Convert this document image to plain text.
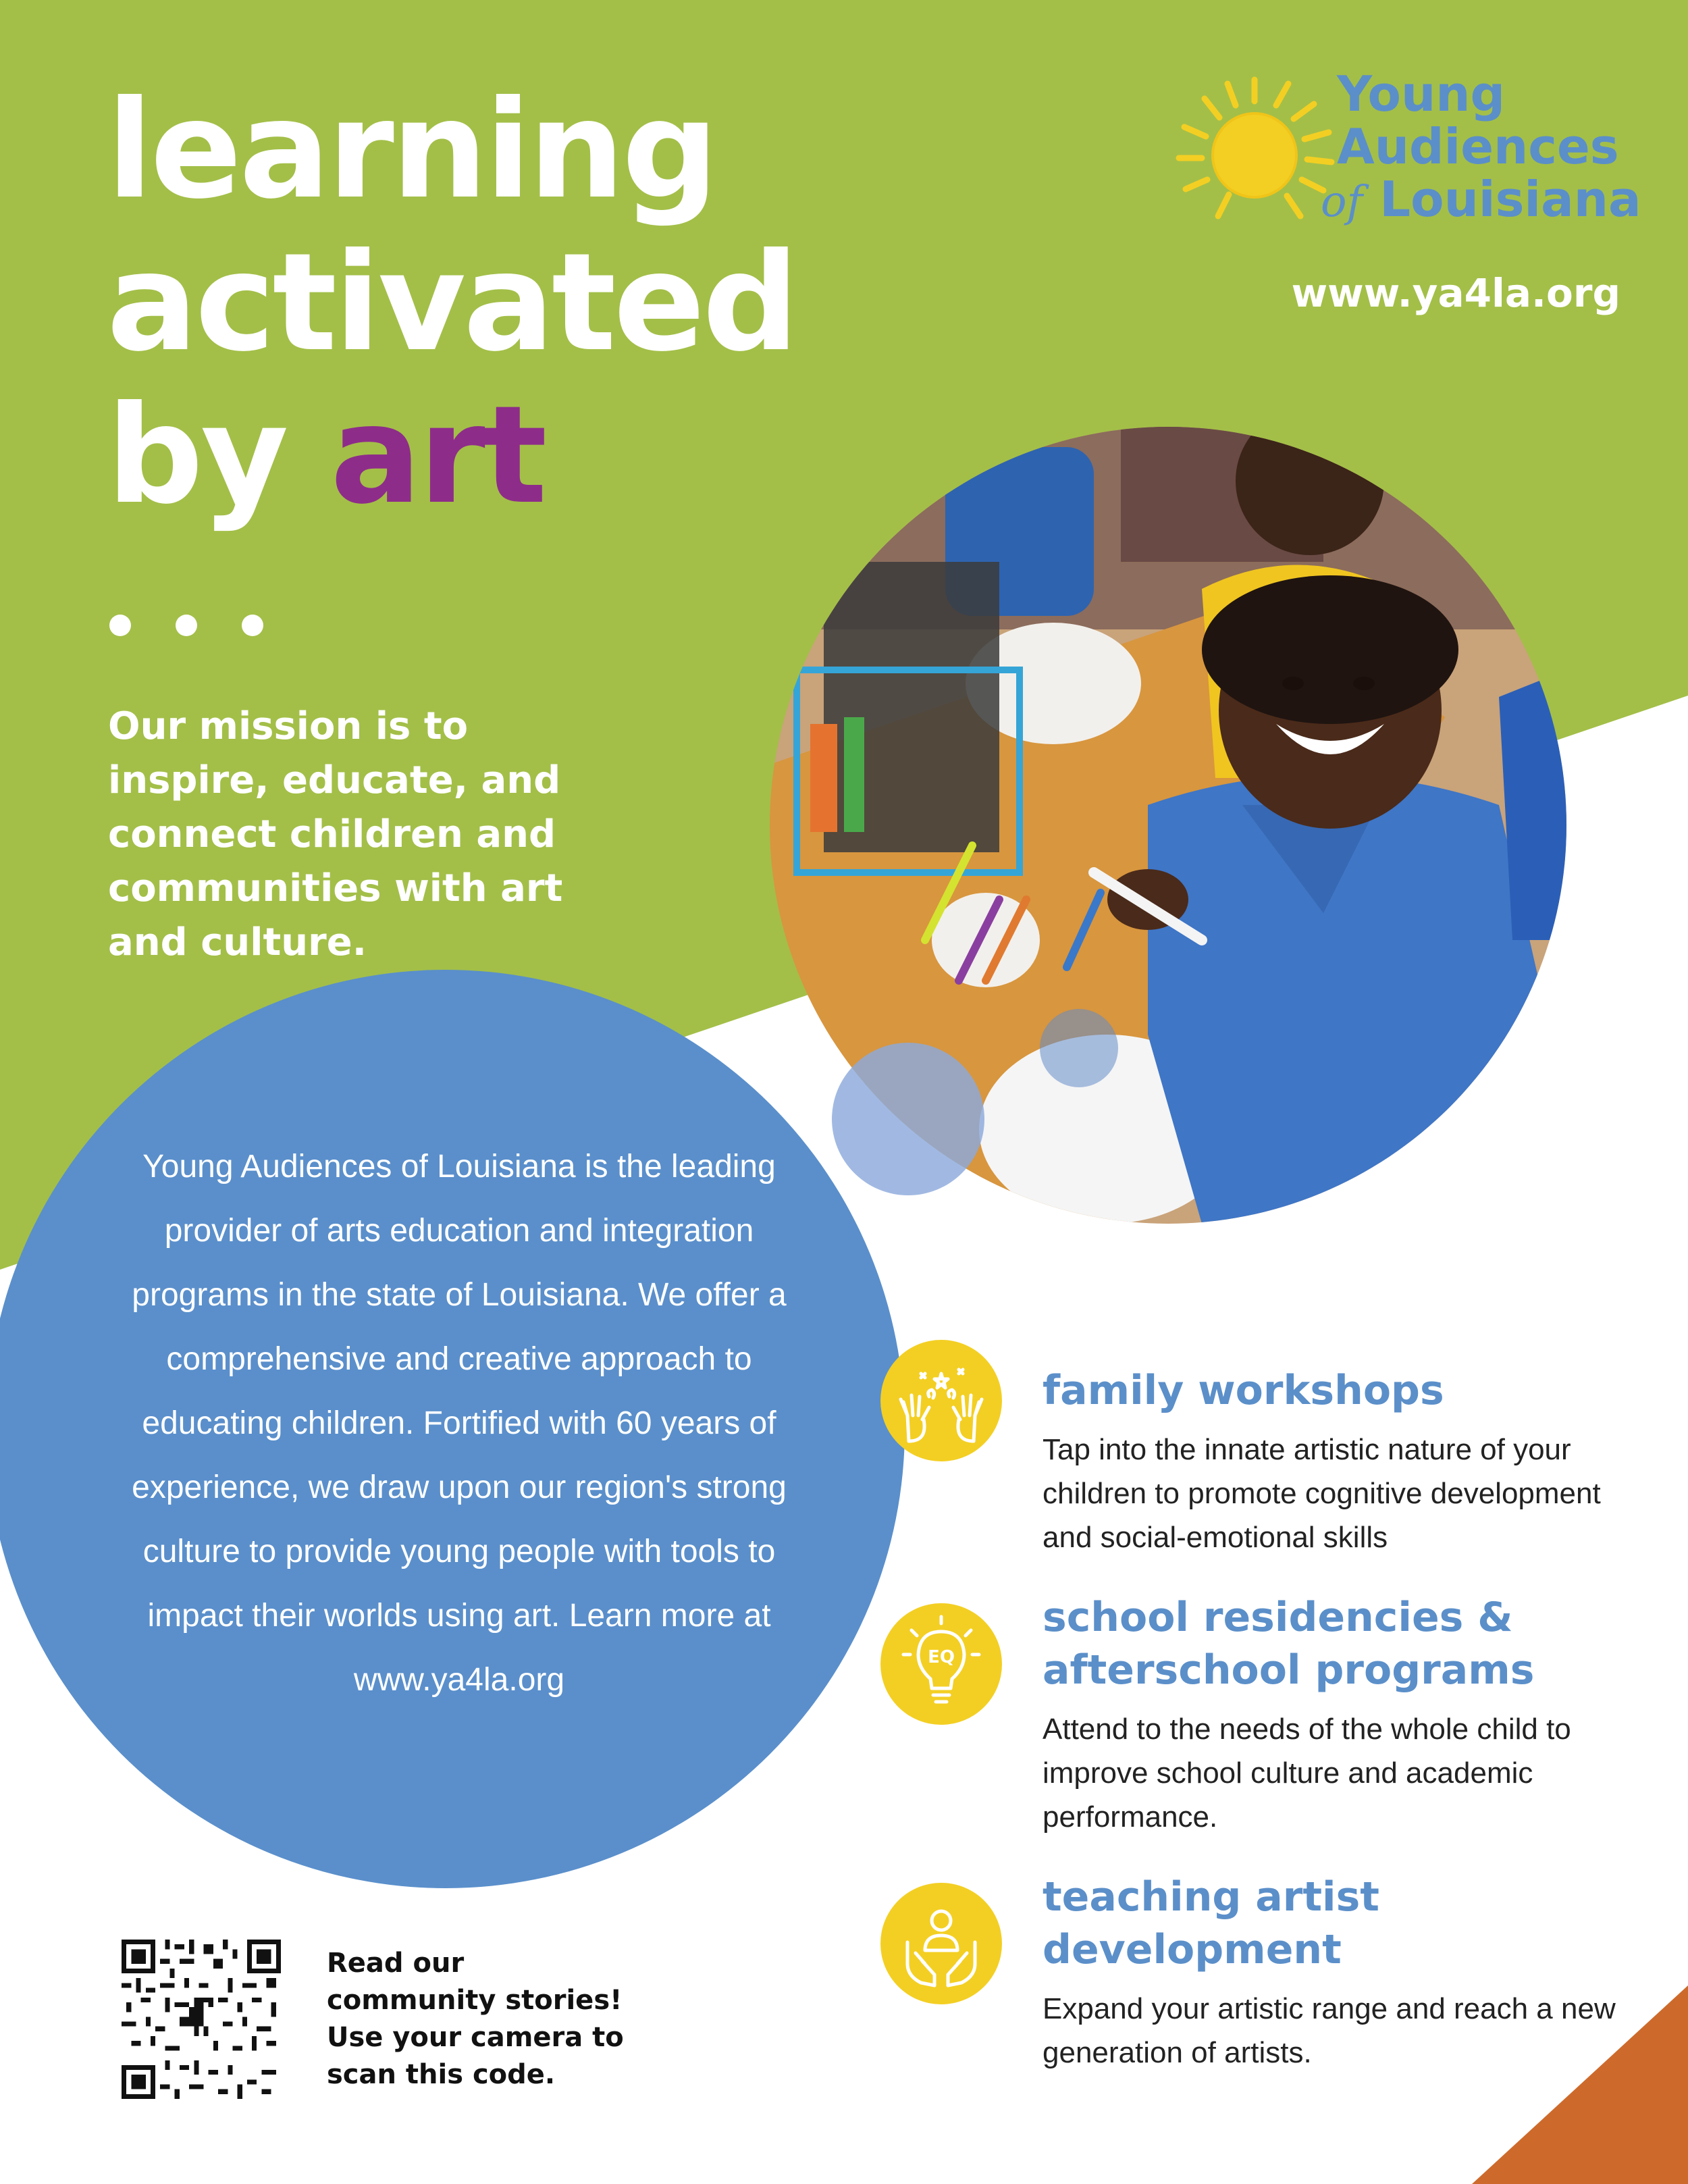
learning
activated
by art
Our mission is to inspire, educate, and connect children and communities with art and culture.
Young
Audiences
of Louisiana
www.ya4la.org
Young Audiences of Louisiana is the leading provider of arts education and integration programs in the state of Louisiana. We offer a comprehensive and creative approach to educating children. Fortified with 60 years of experience, we draw upon our region's strong culture to provide young people with tools to impact their worlds using art. Learn more at www.ya4la.org
family workshops
Tap into the innate artistic nature of your children to promote cognitive development and social-emotional skills
EQ
school residencies & afterschool programs
Attend to the needs of the whole child to improve school culture and academic performance.
teaching artist development
Expand your artistic range and reach a new generation of artists.
Read our community stories! Use your camera to scan this code.
